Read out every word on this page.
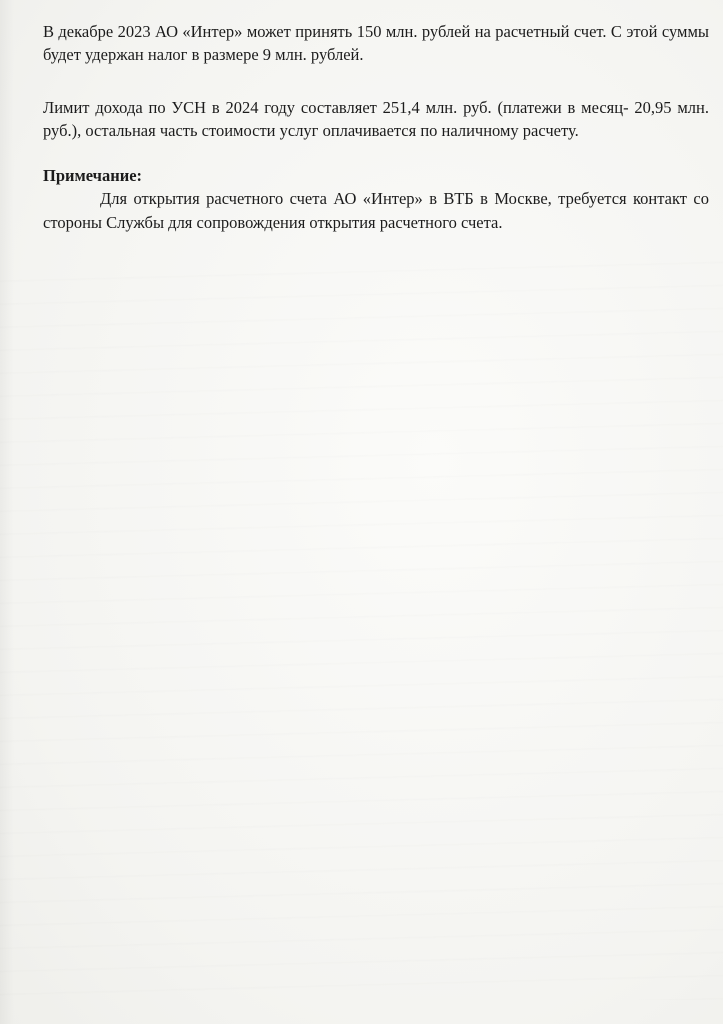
В декабре 2023 АО «Интер» может принять 150 млн. рублей на расчетный счет. С этой суммы будет удержан налог в размере 9 млн. рублей.

Лимит дохода по УСН в 2024 году составляет 251,4 млн. руб. (платежи в месяц- 20,95 млн. руб.), остальная часть стоимости услуг оплачивается по наличному расчету.

Примечание:

Для открытия расчетного счета АО «Интер» в ВТБ в Москве, требуется контакт со стороны Службы для сопровождения открытия расчетного счета.
